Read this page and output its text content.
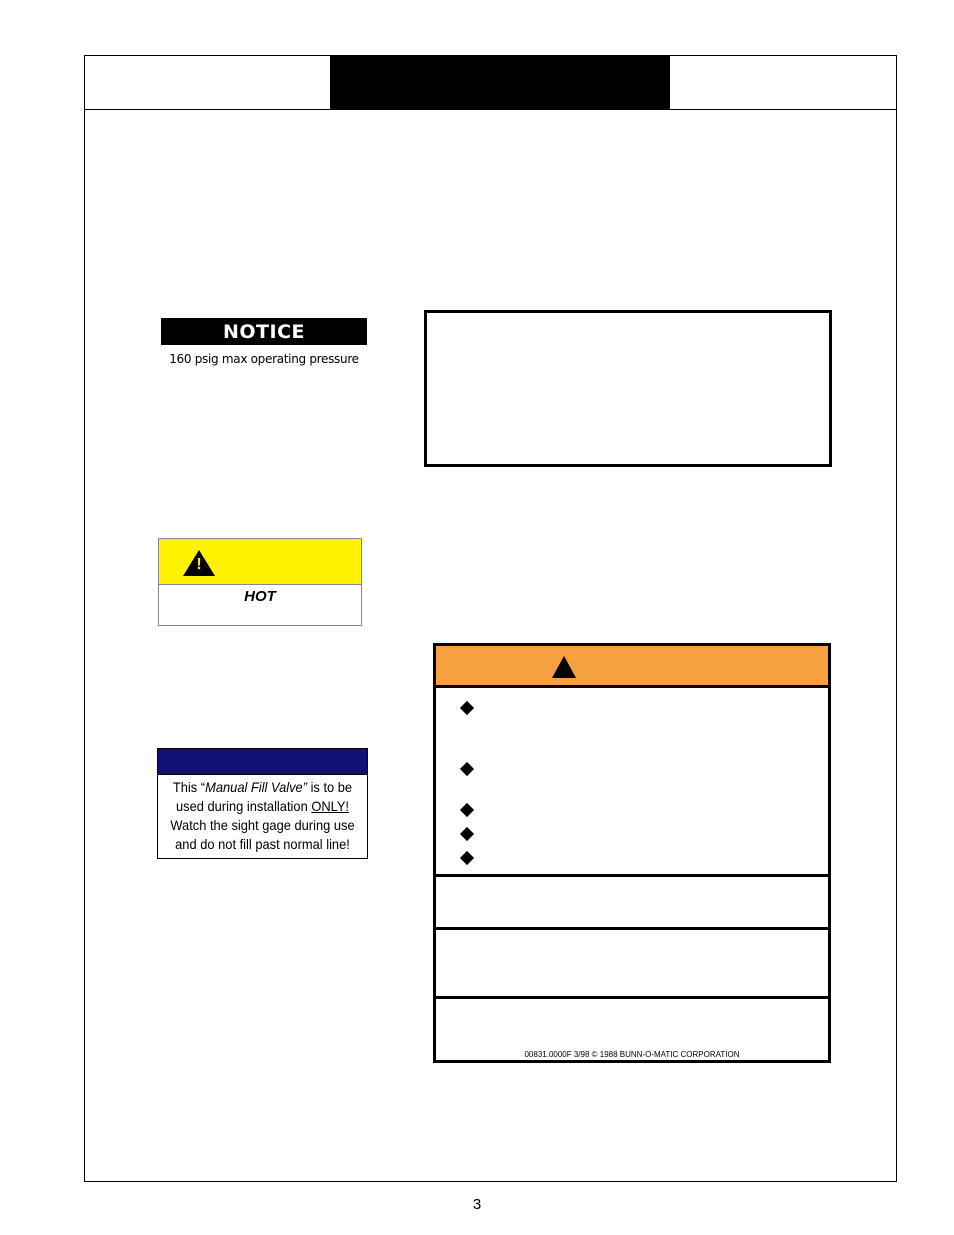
NOTICE
160 psig max operating pressure
!
HOT
This “Manual Fill Valve” is to be
used during installation ONLY!
Watch the sight gage during use
and do not fill past normal line!
00831.0000F 3/98 © 1988 BUNN-O-MATIC CORPORATION
3
